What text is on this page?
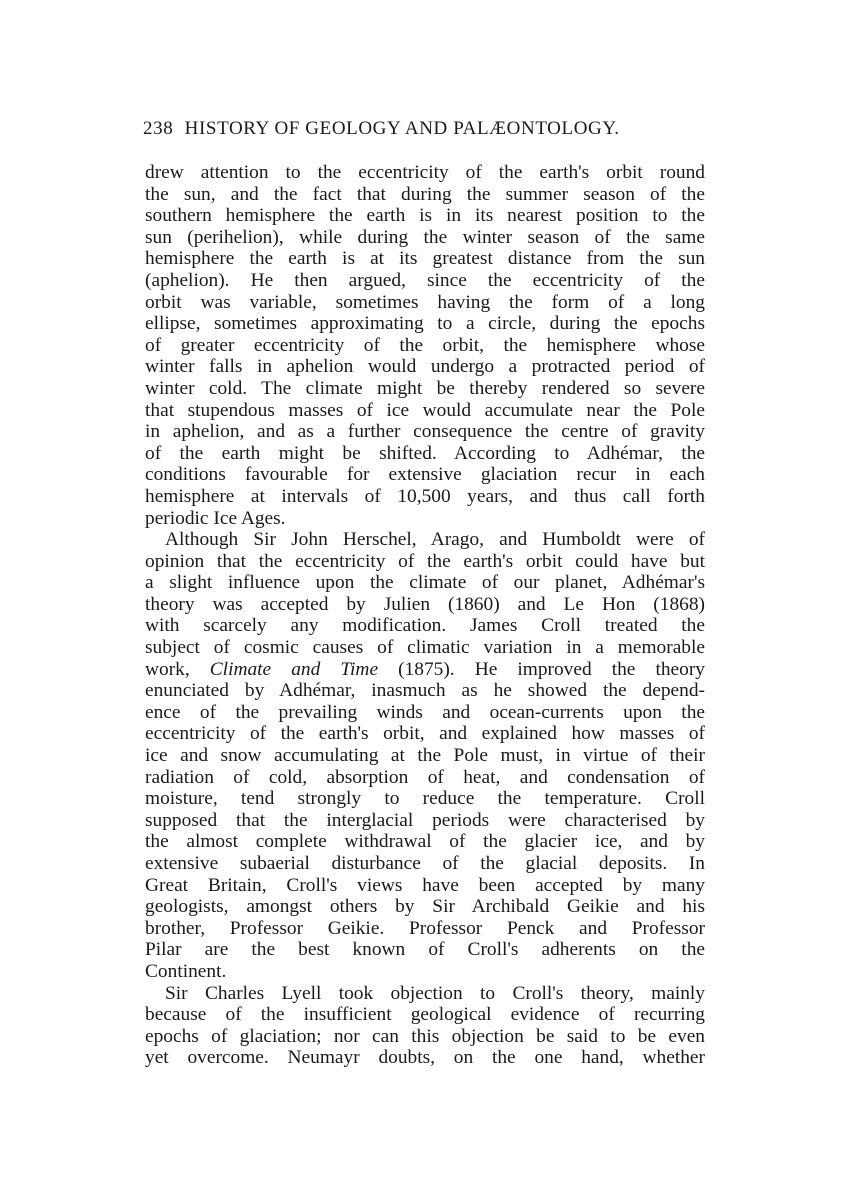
238 HISTORY OF GEOLOGY AND PALÆONTOLOGY.
drew attention to the eccentricity of the earth's orbit round
the sun, and the fact that during the summer season of the
southern hemisphere the earth is in its nearest position to the
sun (perihelion), while during the winter season of the same
hemisphere the earth is at its greatest distance from the sun
(aphelion). He then argued, since the eccentricity of the
orbit was variable, sometimes having the form of a long
ellipse, sometimes approximating to a circle, during the epochs
of greater eccentricity of the orbit, the hemisphere whose
winter falls in aphelion would undergo a protracted period of
winter cold. The climate might be thereby rendered so severe
that stupendous masses of ice would accumulate near the Pole
in aphelion, and as a further consequence the centre of gravity
of the earth might be shifted. According to Adhémar, the
conditions favourable for extensive glaciation recur in each
hemisphere at intervals of 10,500 years, and thus call forth
periodic Ice Ages.
Although Sir John Herschel, Arago, and Humboldt were of
opinion that the eccentricity of the earth's orbit could have but
a slight influence upon the climate of our planet, Adhémar's
theory was accepted by Julien (1860) and Le Hon (1868)
with scarcely any modification. James Croll treated the
subject of cosmic causes of climatic variation in a memorable
work, Climate and Time (1875). He improved the theory
enunciated by Adhémar, inasmuch as he showed the depend-
ence of the prevailing winds and ocean-currents upon the
eccentricity of the earth's orbit, and explained how masses of
ice and snow accumulating at the Pole must, in virtue of their
radiation of cold, absorption of heat, and condensation of
moisture, tend strongly to reduce the temperature. Croll
supposed that the interglacial periods were characterised by
the almost complete withdrawal of the glacier ice, and by
extensive subaerial disturbance of the glacial deposits. In
Great Britain, Croll's views have been accepted by many
geologists, amongst others by Sir Archibald Geikie and his
brother, Professor Geikie. Professor Penck and Professor
Pilar are the best known of Croll's adherents on the
Continent.
Sir Charles Lyell took objection to Croll's theory, mainly
because of the insufficient geological evidence of recurring
epochs of glaciation; nor can this objection be said to be even
yet overcome. Neumayr doubts, on the one hand, whether
